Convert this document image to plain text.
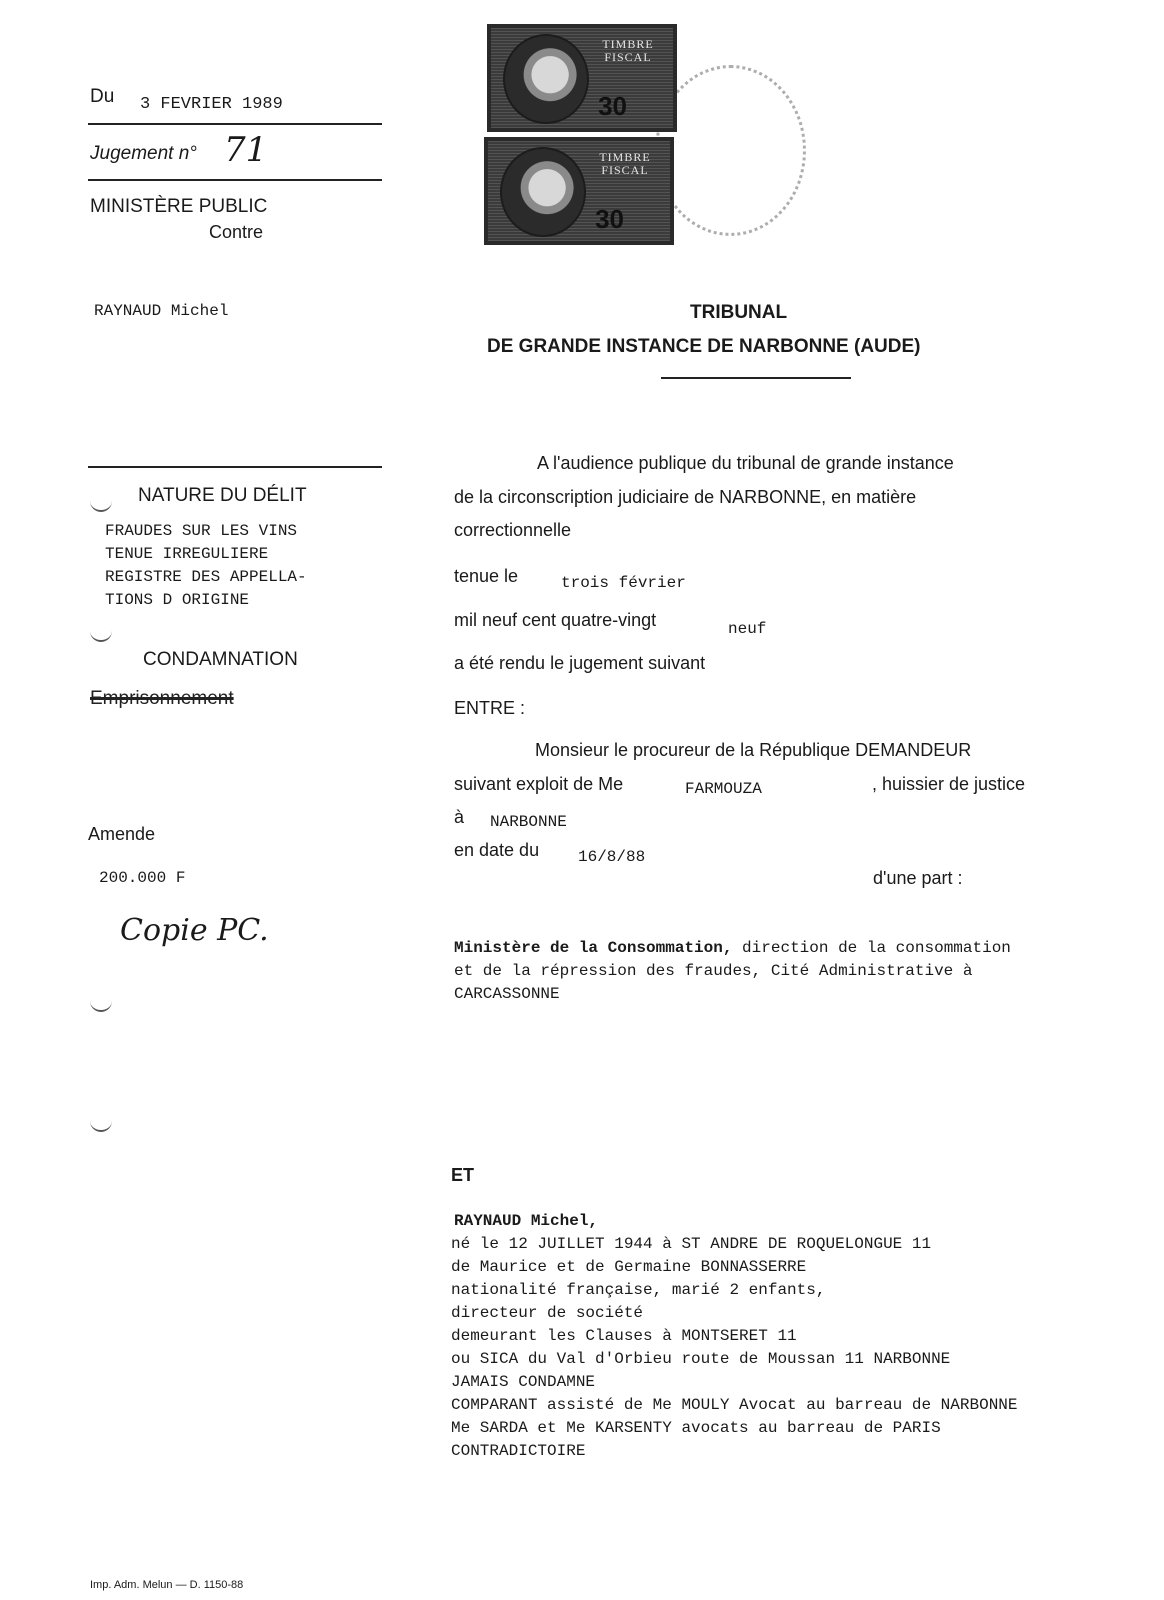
Du 3 FEVRIER 1989
Jugement n° 71
MINISTÈRE PUBLIC
Contre
RAYNAUD Michel
NATURE DU DÉLIT
FRAUDES SUR LES VINS
TENUE IRREGULIERE
REGISTRE DES APPELLA-
TIONS D ORIGINE
CONDAMNATION
Emprisonnement
Amende
200.000 F
Copie PC.
TIMBRE FISCAL
30
TIMBRE FISCAL
30
TRIBUNAL
DE GRANDE INSTANCE DE NARBONNE (AUDE)
A l'audience publique du tribunal de grande instance
de la circonscription judiciaire de NARBONNE, en matière
correctionnelle
tenue le	trois février
mil neuf cent quatre-vingt	neuf
a été rendu le jugement suivant
ENTRE :
Monsieur le procureur de la République DEMANDEUR
suivant exploit de Me	FARMOUZA	, huissier de justice
à NARBONNE
en date du 16/8/88
d'une part :
Ministère de la Consommation, direction de la consommation
et de la répression des fraudes, Cité Administrative à
CARCASSONNE
ET
RAYNAUD Michel,
né le 12 JUILLET 1944 à ST ANDRE DE ROQUELONGUE 11
de Maurice et de Germaine BONNASSERRE
nationalité française, marié 2 enfants,
directeur de société
demeurant les Clauses à MONTSERET 11
ou SICA du Val d'Orbieu route de Moussan 11 NARBONNE
JAMAIS CONDAMNE
COMPARANT assisté de Me MOULY Avocat au barreau de NARBONNE
Me SARDA et Me KARSENTY avocats au barreau de PARIS
CONTRADICTOIRE
Imp. Adm. Melun — D. 1150-88
